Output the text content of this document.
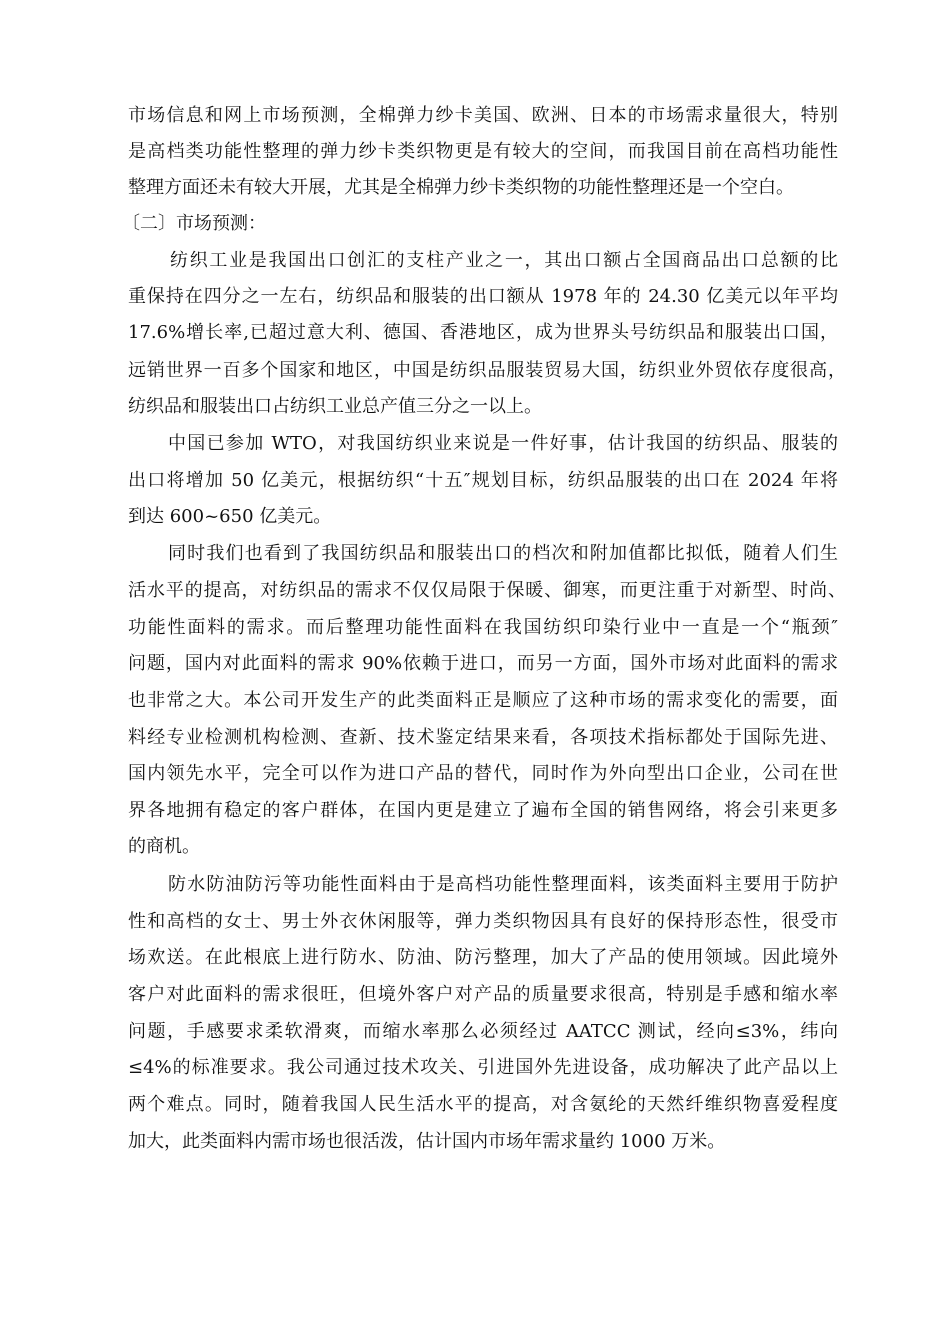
市场信息和网上市场预测，全棉弹力纱卡美国、欧洲、日本的市场需求量很大，特别
是高档类功能性整理的弹力纱卡类织物更是有较大的空间，而我国目前在高档功能性
整理方面还未有较大开展，尤其是全棉弹力纱卡类织物的功能性整理还是一个空白。
〔二〕市场预测：
纺织工业是我国出口创汇的支柱产业之一，其出口额占全国商品出口总额的比
重保持在四分之一左右，纺织品和服装的出口额从 1978 年的 24.30 亿美元以年平均
17.6%增长率,已超过意大利、德国、香港地区，成为世界头号纺织品和服装出口国，
远销世界一百多个国家和地区，中国是纺织品服装贸易大国，纺织业外贸依存度很高，
纺织品和服装出口占纺织工业总产值三分之一以上。
中国已参加 WTO，对我国纺织业来说是一件好事，估计我国的纺织品、服装的
出口将增加 50 亿美元，根据纺织“十五″规划目标，纺织品服装的出口在 2024 年将
到达 600~650 亿美元。
同时我们也看到了我国纺织品和服装出口的档次和附加值都比拟低，随着人们生
活水平的提高，对纺织品的需求不仅仅局限于保暖、御寒，而更注重于对新型、时尚、
功能性面料的需求。而后整理功能性面料在我国纺织印染行业中一直是一个“瓶颈″
问题，国内对此面料的需求 90%依赖于进口，而另一方面，国外市场对此面料的需求
也非常之大。本公司开发生产的此类面料正是顺应了这种市场的需求变化的需要，面
料经专业检测机构检测、查新、技术鉴定结果来看，各项技术指标都处于国际先进、
国内领先水平，完全可以作为进口产品的替代，同时作为外向型出口企业，公司在世
界各地拥有稳定的客户群体，在国内更是建立了遍布全国的销售网络，将会引来更多
的商机。
防水防油防污等功能性面料由于是高档功能性整理面料，该类面料主要用于防护
性和高档的女士、男士外衣休闲服等，弹力类织物因具有良好的保持形态性，很受市
场欢送。在此根底上进行防水、防油、防污整理，加大了产品的使用领域。因此境外
客户对此面料的需求很旺，但境外客户对产品的质量要求很高，特别是手感和缩水率
问题，手感要求柔软滑爽，而缩水率那么必须经过 AATCC 测试，经向≤3%，纬向
≤4%的标准要求。我公司通过技术攻关、引进国外先进设备，成功解决了此产品以上
两个难点。同时，随着我国人民生活水平的提高，对含氨纶的天然纤维织物喜爱程度
加大，此类面料内需市场也很活泼，估计国内市场年需求量约 1000 万米。
